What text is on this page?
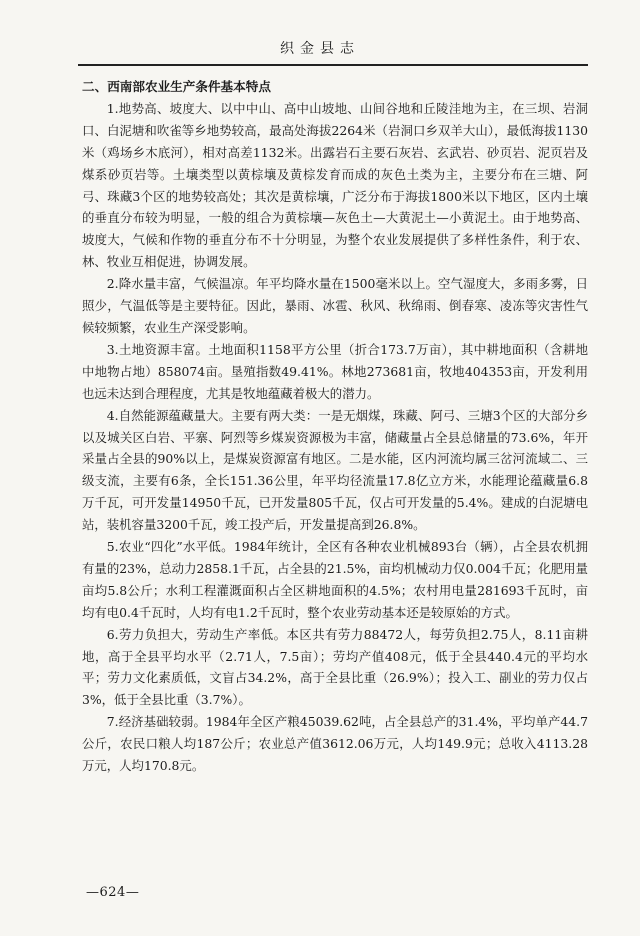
织金县志

二、西南部农业生产条件基本特点

1.地势高、坡度大、以中中山、高中山坡地、山间谷地和丘陵洼地为主，在三坝、岩洞口、白泥塘和吹雀等乡地势较高，最高处海拔2264米（岩洞口乡双羊大山），最低海拔1130米（鸡场乡木底河），相对高差1132米。出露岩石主要石灰岩、玄武岩、砂页岩、泥页岩及煤系砂页岩等。土壤类型以黄棕壤及黄棕发育而成的灰色土类为主，主要分布在三塘、阿弓、珠藏3个区的地势较高处；其次是黄棕壤，广泛分布于海拔1800米以下地区，区内土壤的垂直分布较为明显，一般的组合为黄棕壤—灰色土—大黄泥土—小黄泥土。由于地势高、坡度大，气候和作物的垂直分布不十分明显，为整个农业发展提供了多样性条件，利于农、林、牧业互相促进，协调发展。

2.降水量丰富，气候温凉。年平均降水量在1500毫米以上。空气湿度大，多雨多雾，日照少，气温低等是主要特征。因此，暴雨、冰雹、秋风、秋绵雨、倒春寒、凌冻等灾害性气候较频繁，农业生产深受影响。

3.土地资源丰富。土地面积1158平方公里（折合173.7万亩），其中耕地面积（含耕地中地物占地）858074亩。垦殖指数49.41%。林地273681亩，牧地404353亩，开发利用也远未达到合理程度，尤其是牧地蕴藏着极大的潜力。

4.自然能源蕴藏量大。主要有两大类：一是无烟煤，珠藏、阿弓、三塘3个区的大部分乡以及城关区白岩、平寨、阿烈等乡煤炭资源极为丰富，储藏量占全县总储量的73.6%，年开采量占全县的90%以上，是煤炭资源富有地区。二是水能，区内河流均属三岔河流域二、三级支流，主要有6条，全长151.36公里，年平均径流量17.8亿立方米，水能理论蕴藏量6.8万千瓦，可开发量14950千瓦，已开发量805千瓦，仅占可开发量的5.4%。建成的白泥塘电站，装机容量3200千瓦，竣工投产后，开发量提高到26.8%。

5.农业“四化”水平低。1984年统计，全区有各种农业机械893台（辆），占全县农机拥有量的23%，总动力2858.1千瓦，占全县的21.5%，亩均机械动力仅0.004千瓦；化肥用量亩均5.8公斤；水利工程灌溉面积占全区耕地面积的4.5%；农村用电量281693千瓦时，亩均有电0.4千瓦时，人均有电1.2千瓦时，整个农业劳动基本还是较原始的方式。

6.劳力负担大，劳动生产率低。本区共有劳力88472人，每劳负担2.75人，8.11亩耕地，高于全县平均水平（2.71人，7.5亩）；劳均产值408元，低于全县440.4元的平均水平；劳力文化素质低，文盲占34.2%，高于全县比重（26.9%）；投入工、副业的劳力仅占3%，低于全县比重（3.7%）。

7.经济基础较弱。1984年全区产粮45039.62吨，占全县总产的31.4%，平均单产44.7公斤，农民口粮人均187公斤；农业总产值3612.06万元，人均149.9元；总收入4113.28万元，人均170.8元。

—624—
